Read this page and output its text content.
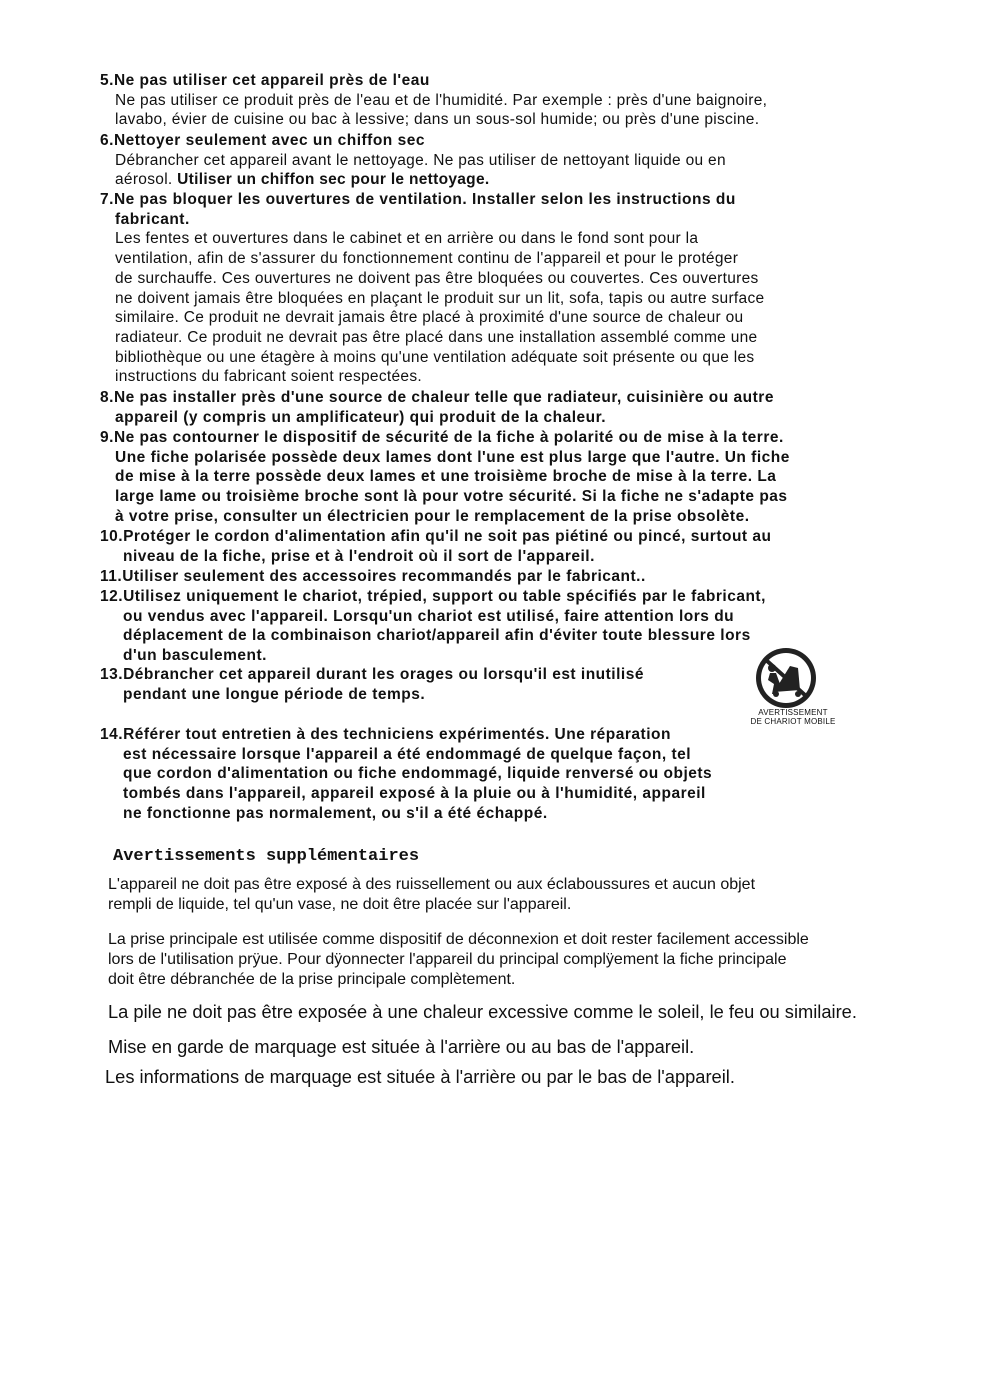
5.Ne pas utiliser cet appareil près de l'eau
Ne pas utiliser ce produit près de l'eau et de l'humidité. Par exemple : près d'une baignoire,
lavabo, évier de cuisine ou bac à lessive; dans un sous-sol humide; ou près d'une piscine.
6.Nettoyer seulement avec un chiffon sec
Débrancher cet appareil avant le nettoyage. Ne pas utiliser de nettoyant liquide ou en
aérosol. Utiliser un chiffon sec pour le nettoyage.
7.Ne pas bloquer les ouvertures de ventilation. Installer selon les instructions du
fabricant.
Les fentes et ouvertures dans le cabinet et en arrière ou dans le fond sont pour la
ventilation, afin de s'assurer du fonctionnement continu de l'appareil et pour le protéger
de surchauffe. Ces ouvertures ne doivent pas être bloquées ou couvertes. Ces ouvertures
ne doivent jamais être bloquées en plaçant le produit sur un lit, sofa, tapis ou autre surface
similaire. Ce produit ne devrait jamais être placé à proximité d'une source de chaleur ou
radiateur. Ce produit ne devrait pas être placé dans une installation assemblé comme une
bibliothèque ou une étagère à moins qu'une ventilation adéquate soit présente ou que les
instructions du fabricant soient respectées.
8.Ne pas installer près d'une source de chaleur telle que radiateur, cuisinière ou autre
appareil (y compris un amplificateur) qui produit de la chaleur.
9.Ne pas contourner le dispositif de sécurité de la fiche à polarité ou de mise à la terre.
Une fiche polarisée possède deux lames dont l'une est plus large que l'autre. Un fiche
de mise à la terre possède deux lames et une troisième broche de mise à la terre. La
large lame ou troisième broche sont là pour votre sécurité. Si la fiche ne s'adapte pas
à votre prise, consulter un électricien pour le remplacement de la prise obsolète.
10.Protéger le cordon d'alimentation afin qu'il ne soit pas piétiné ou pincé, surtout au
niveau de la fiche, prise et à l'endroit où il sort de l'appareil.
11.Utiliser seulement des accessoires recommandés par le fabricant..
12.Utilisez uniquement le chariot, trépied, support ou table spécifiés par le fabricant,
ou vendus avec l'appareil. Lorsqu'un chariot est utilisé, faire attention lors du
déplacement de la combinaison chariot/appareil afin d'éviter toute blessure lors
d'un basculement.
13.Débrancher cet appareil durant les orages ou lorsqu'il est inutilisé
pendant une longue période de temps.
AVERTISSEMENT
DE CHARIOT MOBILE
14.Référer tout entretien à des techniciens expérimentés. Une réparation
est nécessaire lorsque l'appareil a été endommagé de quelque façon, tel
que cordon d'alimentation ou fiche endommagé, liquide renversé ou objets
tombés dans l'appareil, appareil exposé à la pluie ou à l'humidité, appareil
ne fonctionne pas normalement, ou s'il a été échappé.
Avertissements supplémentaires
L'appareil ne doit pas être exposé à des ruissellement ou aux éclaboussures et aucun objet
rempli de liquide, tel qu'un vase, ne doit être placée sur l'appareil.
La prise principale est utilisée comme dispositif de déconnexion et doit rester facilement accessible
lors de l'utilisation prÿue. Pour dÿonnecter l'appareil du principal complÿement la fiche principale
doit être débranchée de la prise principale complètement.
La pile ne doit pas être exposée à une chaleur excessive comme le soleil, le feu ou similaire.
Mise en garde de marquage est située à l'arrière ou au bas de l'appareil.
Les informations de marquage est située à l'arrière ou par le bas de l'appareil.
